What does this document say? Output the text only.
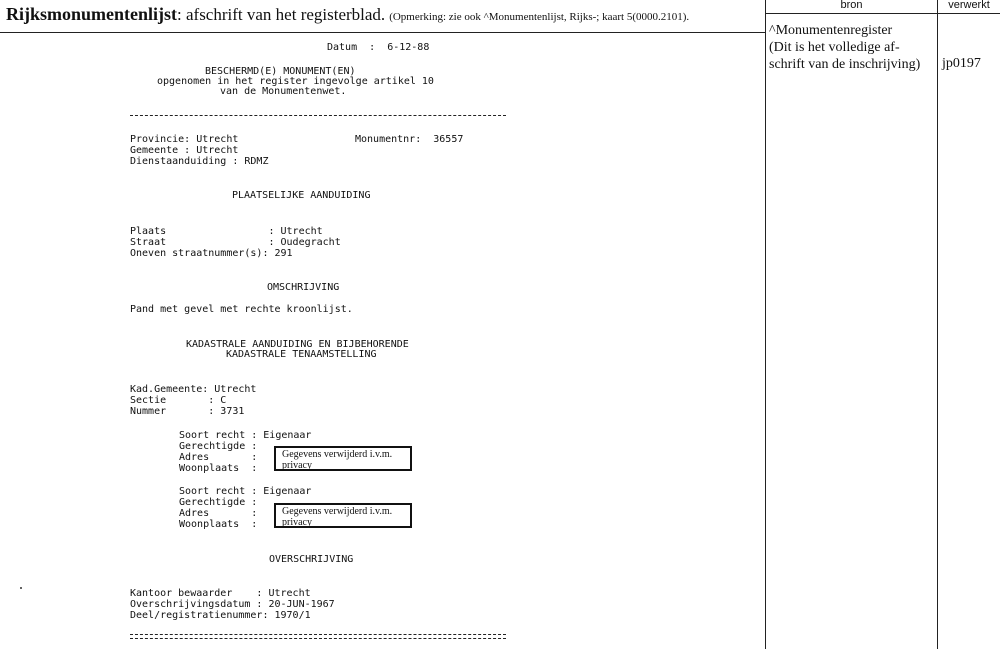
Rijksmonumentenlijst: afschrift van het registerblad. (Opmerking: zie ook ^Monumentenlijst, Rijks-; kaart 5(0000.2101).
bron	verwerkt
^Monumentenregister
(Dit is het volledige af-
schrift van de inschrijving)	jp0197
Datum  :  6-12-88
BESCHERMD(E) MONUMENT(EN)
opgenomen in het register ingevolge artikel 10
van de Monumentenwet.
Provincie: Utrecht	Monumentnr:  36557
Gemeente : Utrecht
Dienstaanduiding : RDMZ
PLAATSELIJKE AANDUIDING
Plaats                 : Utrecht
Straat                 : Oudegracht
Oneven straatnummer(s): 291
OMSCHRIJVING
Pand met gevel met rechte kroonlijst.
KADASTRALE AANDUIDING EN BIJBEHORENDE
KADASTRALE TENAAMSTELLING
Kad.Gemeente: Utrecht
Sectie       : C
Nummer       : 3731
Soort recht : Eigenaar
Gerechtigde :
Adres       :
Woonplaats  :
Gegevens verwijderd i.v.m.
privacy
Soort recht : Eigenaar
Gerechtigde :
Adres       :
Woonplaats  :
Gegevens verwijderd i.v.m.
privacy
OVERSCHRIJVING
Kantoor bewaarder    : Utrecht
Overschrijvingsdatum : 20-JUN-1967
Deel/registratienummer: 1970/1
